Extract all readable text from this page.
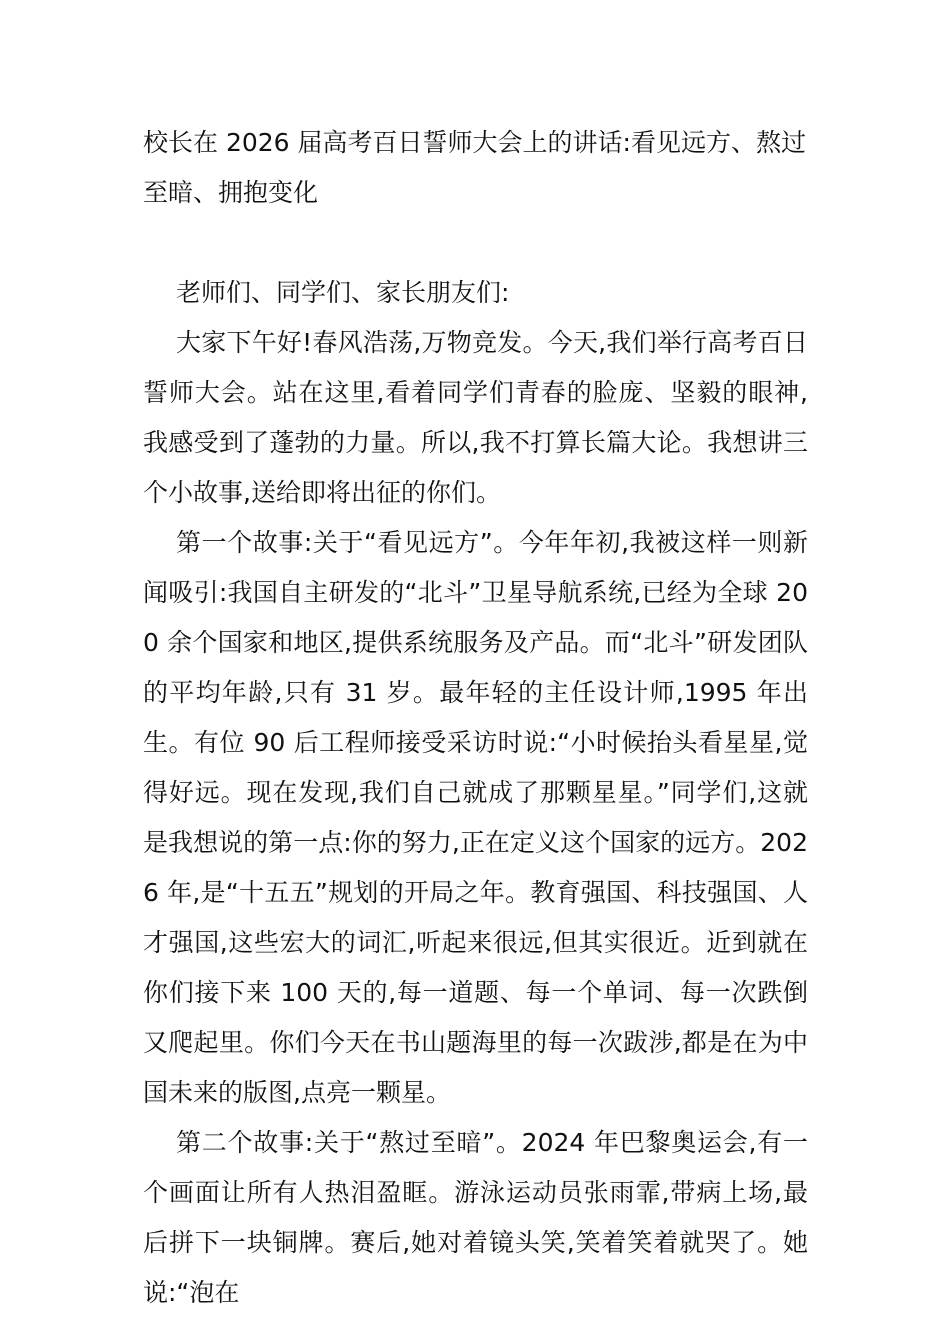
校长在 2026 届高考百日誓师大会上的讲话:看见远方、熬过至暗、拥抱变化

老师们、同学们、家长朋友们:

大家下午好!春风浩荡,万物竞发。今天,我们举行高考百日誓师大会。站在这里,看着同学们青春的脸庞、坚毅的眼神,我感受到了蓬勃的力量。所以,我不打算长篇大论。我想讲三个小故事,送给即将出征的你们。

第一个故事:关于“看见远方”。今年年初,我被这样一则新闻吸引:我国自主研发的“北斗”卫星导航系统,已经为全球 200 余个国家和地区,提供系统服务及产品。而“北斗”研发团队的平均年龄,只有 31 岁。最年轻的主任设计师,1995 年出生。有位 90 后工程师接受采访时说:“小时候抬头看星星,觉得好远。现在发现,我们自己就成了那颗星星。”同学们,这就是我想说的第一点:你的努力,正在定义这个国家的远方。2026 年,是“十五五”规划的开局之年。教育强国、科技强国、人才强国,这些宏大的词汇,听起来很远,但其实很近。近到就在你们接下来 100 天的,每一道题、每一个单词、每一次跌倒又爬起里。你们今天在书山题海里的每一次跋涉,都是在为中国未来的版图,点亮一颗星。

第二个故事:关于“熬过至暗”。2024 年巴黎奥运会,有一个画面让所有人热泪盈眶。游泳运动员张雨霏,带病上场,最后拼下一块铜牌。赛后,她对着镜头笑,笑着笑着就哭了。她说:“泡在
